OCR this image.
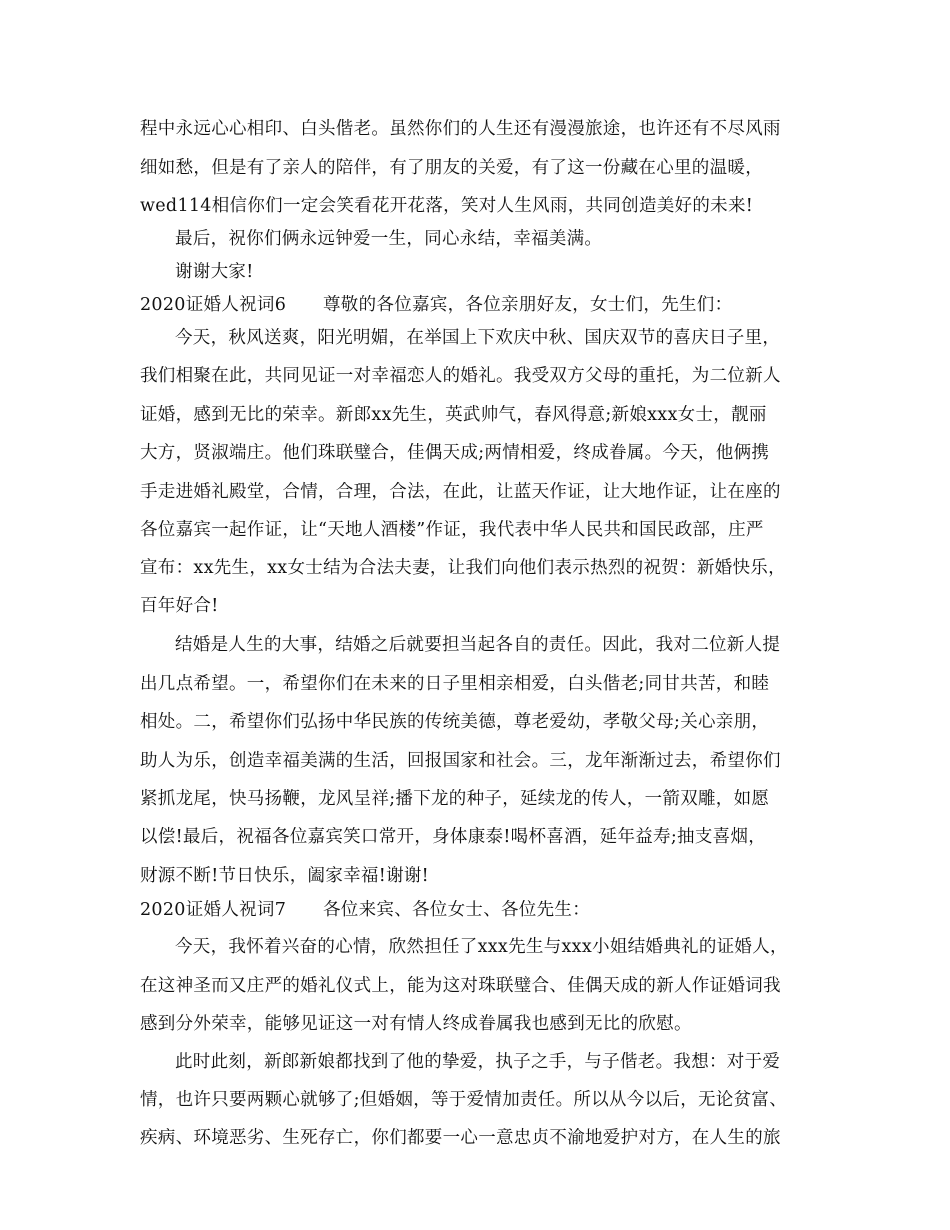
程中永远心心相印、白头偕老。虽然你们的人生还有漫漫旅途，也许还有不尽风雨
细如愁，但是有了亲人的陪伴，有了朋友的关爱，有了这一份藏在心里的温暖，
wed114相信你们一定会笑看花开花落，笑对人生风雨，共同创造美好的未来!
最后，祝你们俩永远钟爱一生，同心永结，幸福美满。
谢谢大家!
2020证婚人祝词6 尊敬的各位嘉宾，各位亲朋好友，女士们，先生们：
今天，秋风送爽，阳光明媚，在举国上下欢庆中秋、国庆双节的喜庆日子里，
我们相聚在此，共同见证一对幸福恋人的婚礼。我受双方父母的重托，为二位新人
证婚，感到无比的荣幸。新郎xx先生，英武帅气，春风得意;新娘xxx女士，靓丽
大方，贤淑端庄。他们珠联璧合，佳偶天成;两情相爱，终成眷属。今天，他俩携
手走进婚礼殿堂，合情，合理，合法，在此，让蓝天作证，让大地作证，让在座的
各位嘉宾一起作证，让“天地人酒楼”作证，我代表中华人民共和国民政部，庄严
宣布：xx先生，xx女士结为合法夫妻，让我们向他们表示热烈的祝贺：新婚快乐，
百年好合!
结婚是人生的大事，结婚之后就要担当起各自的责任。因此，我对二位新人提
出几点希望。一，希望你们在未来的日子里相亲相爱，白头偕老;同甘共苦，和睦
相处。二，希望你们弘扬中华民族的传统美德，尊老爱幼，孝敬父母;关心亲朋，
助人为乐，创造幸福美满的生活，回报国家和社会。三，龙年渐渐过去，希望你们
紧抓龙尾，快马扬鞭，龙风呈祥;播下龙的种子，延续龙的传人，一箭双雕，如愿
以偿!最后，祝福各位嘉宾笑口常开，身体康泰!喝杯喜酒，延年益寿;抽支喜烟，
财源不断!节日快乐，阖家幸福!谢谢!
2020证婚人祝词7 各位来宾、各位女士、各位先生：
今天，我怀着兴奋的心情，欣然担任了xxx先生与xxx小姐结婚典礼的证婚人，
在这神圣而又庄严的婚礼仪式上，能为这对珠联璧合、佳偶天成的新人作证婚词我
感到分外荣幸，能够见证这一对有情人终成眷属我也感到无比的欣慰。
此时此刻，新郎新娘都找到了他的挚爱，执子之手，与子偕老。我想：对于爱
情，也许只要两颗心就够了;但婚姻，等于爱情加责任。所以从今以后，无论贫富、
疾病、环境恶劣、生死存亡，你们都要一心一意忠贞不渝地爱护对方，在人生的旅
